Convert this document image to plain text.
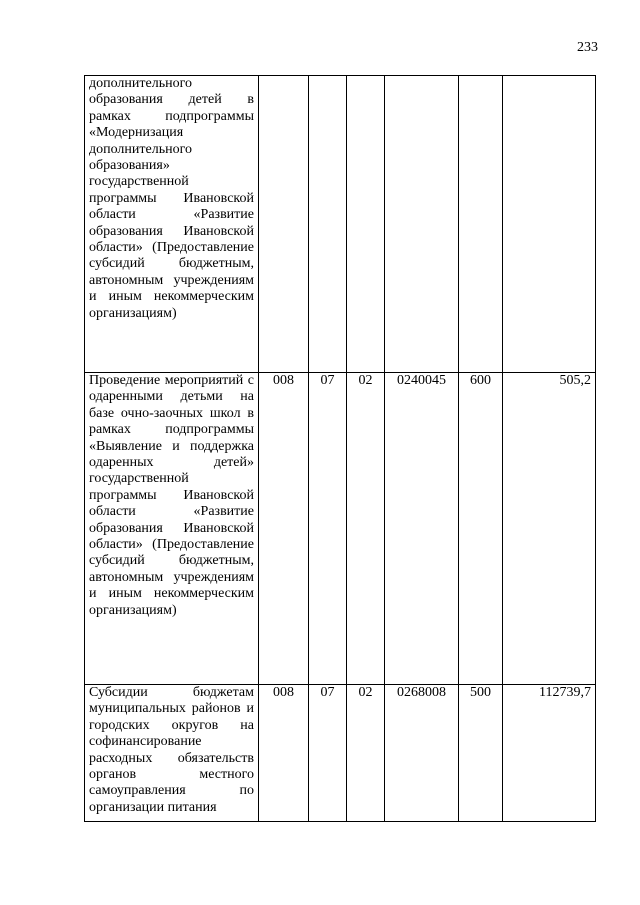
233
дополнительного образования детей в рамках подпрограммы «Модернизация дополнительного образования» государственной программы Ивановской области «Развитие образования Ивановской области» (Предоставление субсидий бюджетным, автономным учреждениям и иным некоммерческим организациям)						
Проведение мероприятий с одаренными детьми на базе очно-заочных школ в рамках подпрограммы «Выявление и поддержка одаренных детей» государственной программы Ивановской области «Развитие образования Ивановской области» (Предоставление субсидий бюджетным, автономным учреждениям и иным некоммерческим организациям)	008	07	02	0240045	600	505,2
Субсидии бюджетам муниципальных районов и городских округов на софинансирование расходных обязательств органов местного самоуправления по организации питания	008	07	02	0268008	500	112739,7
